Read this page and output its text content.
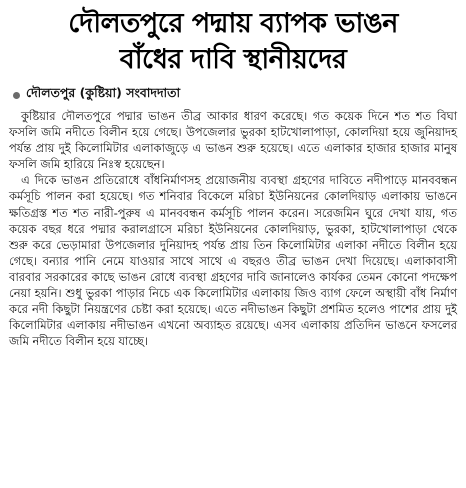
দৌলতপুরে পদ্মায় ব্যাপক ভাঙন
বাঁধের দাবি স্থানীয়দের
দৌলতপুর (কুষ্টিয়া) সংবাদদাতা

কুষ্টিয়ার দৌলতপুরে পদ্মার ভাঙন তীব্র আকার ধারণ করেছে। গত কয়েক দিনে শত শত বিঘা ফসলি জমি নদীতে বিলীন হয়ে গেছে। উপজেলার ভুরকা হাটখোলাপাড়া, কোলদিয়া হয়ে জুনিয়াদহ পর্যন্ত প্রায় দুই কিলোমিটার এলাকাজুড়ে এ ভাঙন শুরু হয়েছে। এতে এলাকার হাজার হাজার মানুষ ফসলি জমি হারিয়ে নিঃস্ব হয়েছেন।

এ দিকে ভাঙন প্রতিরোধে বাঁধনির্মাণসহ প্রয়োজনীয় ব্যবস্থা গ্রহণের দাবিতে নদীপাড়ে মানববন্ধন কর্মসূচি পালন করা হয়েছে। গত শনিবার বিকেলে মরিচা ইউনিয়নের কোলদিয়াড় এলাকায় ভাঙনে ক্ষতিগ্রস্ত শত শত নারী-পুরুষ এ মানববন্ধন কর্মসূচি পালন করেন। সরেজমিন ঘুরে দেখা যায়, গত কয়েক বছর ধরে পদ্মার করালগ্রাসে মরিচা ইউনিয়নের কোলদিয়াড়, ভুরকা, হাটখোলাপাড়া থেকে শুরু করে ভেড়ামারা উপজেলার দুনিয়াদহ পর্যন্ত প্রায় তিন কিলোমিটার এলাকা নদীতে বিলীন হয়ে গেছে। বন্যার পানি নেমে যাওয়ার সাথে সাথে এ বছরও তীব্র ভাঙন দেখা দিয়েছে। এলাকাবাসী বারবার সরকারের কাছে ভাঙন রোধে ব্যবস্থা গ্রহণের দাবি জানালেও কার্যকর তেমন কোনো পদক্ষেপ নেয়া হয়নি। শুধু ভুরকা পাড়ার নিচে এক কিলোমিটার এলাকায় জিও ব্যাগ ফেলে অস্থায়ী বাঁধ নির্মাণ করে নদী কিছুটা নিয়ন্ত্রণের চেষ্টা করা হয়েছে। এতে নদীভাঙন কিছুটা প্রশমিত হলেও পাশের প্রায় দুই কিলোমিটার এলাকায় নদীভাঙন এখনো অব্যাহত রয়েছে। এসব এলাকায় প্রতিদিন ভাঙনে ফসলের জমি নদীতে বিলীন হয়ে যাচ্ছে।
